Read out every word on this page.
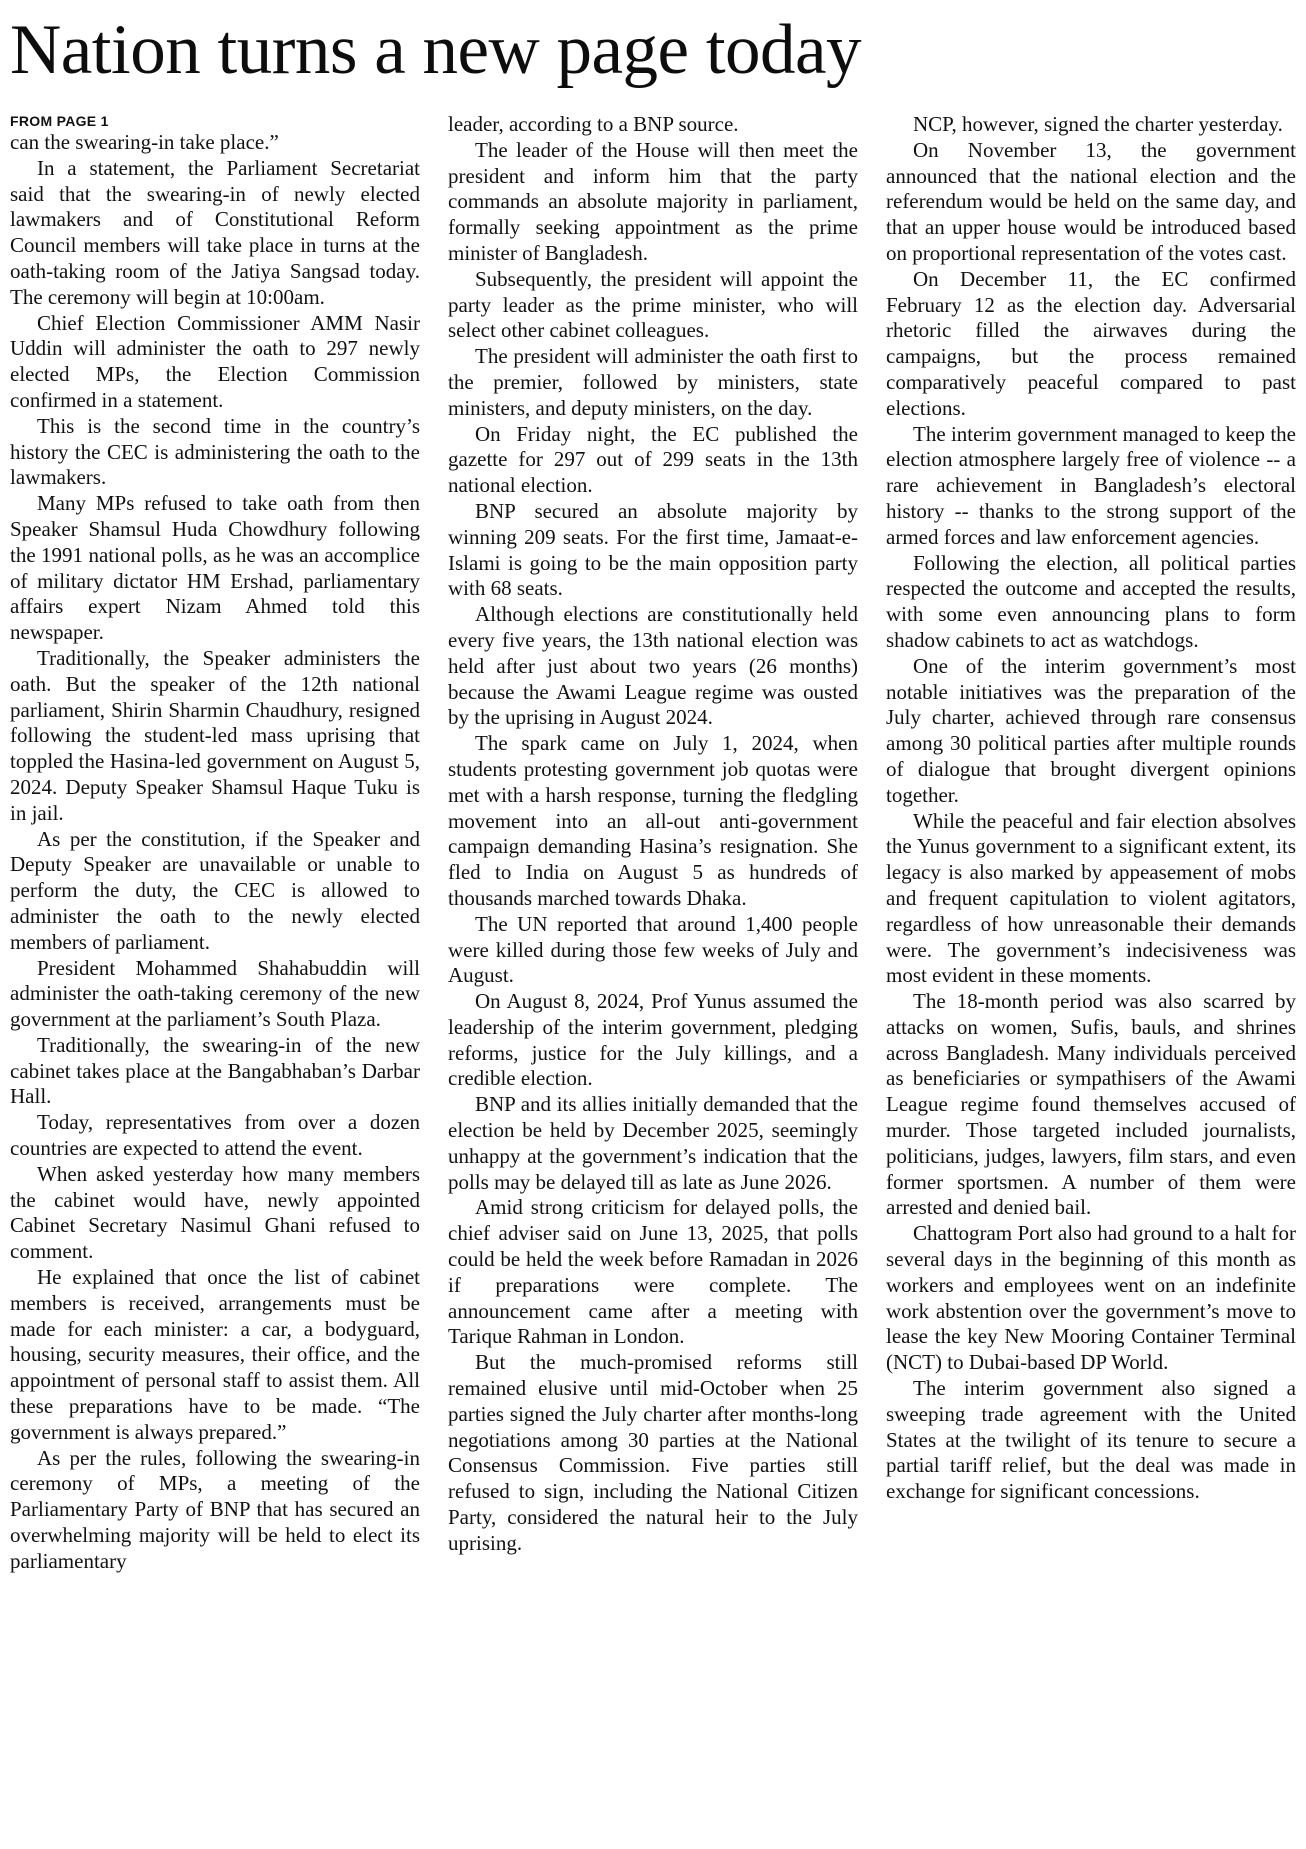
Nation turns a new page today
FROM PAGE 1

can the swearing-in take place.”

In a statement, the Parliament Secretariat said that the swearing-in of newly elected lawmakers and of Constitutional Reform Council members will take place in turns at the oath-taking room of the Jatiya Sangsad today. The ceremony will begin at 10:00am.

Chief Election Commissioner AMM Nasir Uddin will administer the oath to 297 newly elected MPs, the Election Commission confirmed in a statement.

This is the second time in the country’s history the CEC is administering the oath to the lawmakers.

Many MPs refused to take oath from then Speaker Shamsul Huda Chowdhury following the 1991 national polls, as he was an accomplice of military dictator HM Ershad, parliamentary affairs expert Nizam Ahmed told this newspaper.

Traditionally, the Speaker administers the oath. But the speaker of the 12th national parliament, Shirin Sharmin Chaudhury, resigned following the student-led mass uprising that toppled the Hasina-led government on August 5, 2024. Deputy Speaker Shamsul Haque Tuku is in jail.

As per the constitution, if the Speaker and Deputy Speaker are unavailable or unable to perform the duty, the CEC is allowed to administer the oath to the newly elected members of parliament.

President Mohammed Shahabuddin will administer the oath-taking ceremony of the new government at the parliament’s South Plaza.

Traditionally, the swearing-in of the new cabinet takes place at the Bangabhaban’s Darbar Hall.

Today, representatives from over a dozen countries are expected to attend the event.

When asked yesterday how many members the cabinet would have, newly appointed Cabinet Secretary Nasimul Ghani refused to comment.

He explained that once the list of cabinet members is received, arrangements must be made for each minister: a car, a bodyguard, housing, security measures, their office, and the appointment of personal staff to assist them. All these preparations have to be made. “The government is always prepared.”

As per the rules, following the swearing-in ceremony of MPs, a meeting of the Parliamentary Party of BNP that has secured an overwhelming majority will be held to elect its parliamentary

leader, according to a BNP source.

The leader of the House will then meet the president and inform him that the party commands an absolute majority in parliament, formally seeking appointment as the prime minister of Bangladesh.

Subsequently, the president will appoint the party leader as the prime minister, who will select other cabinet colleagues.

The president will administer the oath first to the premier, followed by ministers, state ministers, and deputy ministers, on the day.

On Friday night, the EC published the gazette for 297 out of 299 seats in the 13th national election.

BNP secured an absolute majority by winning 209 seats. For the first time, Jamaat-e-Islami is going to be the main opposition party with 68 seats.

Although elections are constitutionally held every five years, the 13th national election was held after just about two years (26 months) because the Awami League regime was ousted by the uprising in August 2024.

The spark came on July 1, 2024, when students protesting government job quotas were met with a harsh response, turning the fledgling movement into an all-out anti-government campaign demanding Hasina’s resignation. She fled to India on August 5 as hundreds of thousands marched towards Dhaka.

The UN reported that around 1,400 people were killed during those few weeks of July and August.

On August 8, 2024, Prof Yunus assumed the leadership of the interim government, pledging reforms, justice for the July killings, and a credible election.

BNP and its allies initially demanded that the election be held by December 2025, seemingly unhappy at the government’s indication that the polls may be delayed till as late as June 2026.

Amid strong criticism for delayed polls, the chief adviser said on June 13, 2025, that polls could be held the week before Ramadan in 2026 if preparations were complete. The announcement came after a meeting with Tarique Rahman in London.

But the much-promised reforms still remained elusive until mid-October when 25 parties signed the July charter after months-long negotiations among 30 parties at the National Consensus Commission. Five parties still refused to sign, including the National Citizen Party, considered the natural heir to the July uprising.

NCP, however, signed the charter yesterday.

On November 13, the government announced that the national election and the referendum would be held on the same day, and that an upper house would be introduced based on proportional representation of the votes cast.

On December 11, the EC confirmed February 12 as the election day. Adversarial rhetoric filled the airwaves during the campaigns, but the process remained comparatively peaceful compared to past elections.

The interim government managed to keep the election atmosphere largely free of violence -- a rare achievement in Bangladesh’s electoral history -- thanks to the strong support of the armed forces and law enforcement agencies.

Following the election, all political parties respected the outcome and accepted the results, with some even announcing plans to form shadow cabinets to act as watchdogs.

One of the interim government’s most notable initiatives was the preparation of the July charter, achieved through rare consensus among 30 political parties after multiple rounds of dialogue that brought divergent opinions together.

While the peaceful and fair election absolves the Yunus government to a significant extent, its legacy is also marked by appeasement of mobs and frequent capitulation to violent agitators, regardless of how unreasonable their demands were. The government’s indecisiveness was most evident in these moments.

The 18-month period was also scarred by attacks on women, Sufis, bauls, and shrines across Bangladesh. Many individuals perceived as beneficiaries or sympathisers of the Awami League regime found themselves accused of murder. Those targeted included journalists, politicians, judges, lawyers, film stars, and even former sportsmen. A number of them were arrested and denied bail.

Chattogram Port also had ground to a halt for several days in the beginning of this month as workers and employees went on an indefinite work abstention over the government’s move to lease the key New Mooring Container Terminal (NCT) to Dubai-based DP World.

The interim government also signed a sweeping trade agreement with the United States at the twilight of its tenure to secure a partial tariff relief, but the deal was made in exchange for significant concessions.
